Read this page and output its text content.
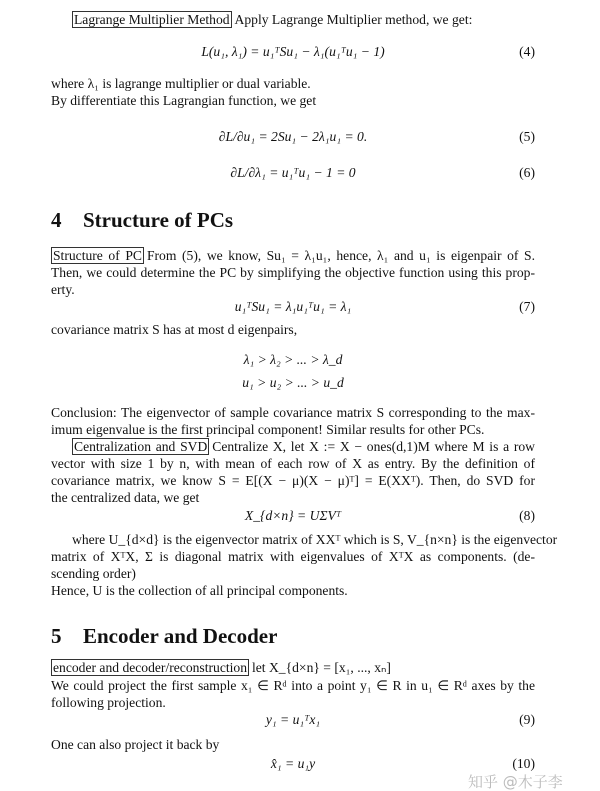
Lagrange Multiplier Method Apply Lagrange Multiplier method, we get:
L(u₁, λ₁) = u₁ᵀSu₁ − λ₁(u₁ᵀu₁ − 1)	(4)
where λ₁ is lagrange multiplier or dual variable.
By differentiate this Lagrangian function, we get
∂L/∂u₁ = 2Su₁ − 2λ₁u₁ = 0.	(5)
∂L/∂λ₁ = u₁ᵀu₁ − 1 = 0	(6)
4 Structure of PCs
Structure of PC From (5), we know, Su₁ = λ₁u₁, hence, λ₁ and u₁ is eigenpair of S.
Then, we could determine the PC by simplifying the objective function using this prop-
erty.
u₁ᵀSu₁ = λ₁u₁ᵀu₁ = λ₁	(7)
covariance matrix S has at most d eigenpairs,
λ₁ > λ₂ > ... > λ_d
u₁ > u₂ > ... > u_d
Conclusion: The eigenvector of sample covariance matrix S corresponding to the max-
imum eigenvalue is the first principal component! Similar results for other PCs.
Centralization and SVD Centralize X, let X := X − ones(d,1)M where M is a row
vector with size 1 by n, with mean of each row of X as entry. By the definition of
covariance matrix, we know S = E[(X − μ)(X − μ)ᵀ] = E(XXᵀ). Then, do SVD for
the centralized data, we get
X_{d×n} = UΣVᵀ	(8)
where U_{d×d} is the eigenvector matrix of XXᵀ which is S, V_{n×n} is the eigenvector
matrix of XᵀX, Σ is diagonal matrix with eigenvalues of XᵀX as components. (de-
scending order)
Hence, U is the collection of all principal components.
5 Encoder and Decoder
encoder and decoder/reconstruction let X_{d×n} = [x₁, ..., xₙ]
We could project the first sample x₁ ∈ Rᵈ into a point y₁ ∈ R in u₁ ∈ Rᵈ axes by the
following projection.
y₁ = u₁ᵀx₁	(9)
One can also project it back by
x̂₁ = u₁y	(10)
知乎 @木子李
